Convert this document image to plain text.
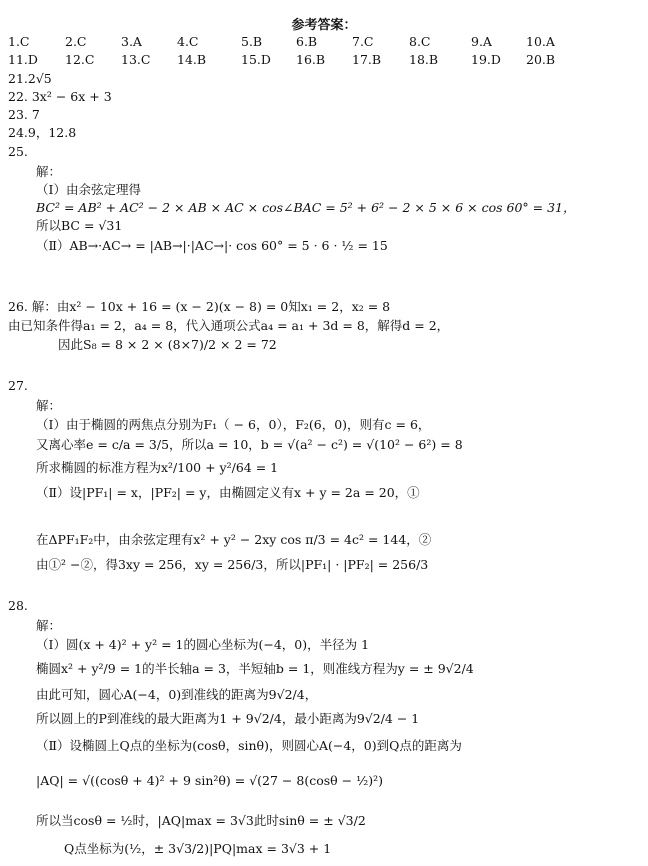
参考答案：
1.C	2.C	3.A	4.C	5.B	6.B	7.C	8.C	9.A	10.A
11.D 12.C 13.C 14.B	15.D 16.B 17.B 18.B	19.D 20.B
21.2√5
22. 3x² − 6x + 3
23. 7
24.9，12.8
25.
解：
（Ⅰ）由余弦定理得
BC² = AB² + AC² − 2 × AB × AC × cos∠BAC = 5² + 6² − 2 × 5 × 6 × cos 60° = 31，
所以BC = √31
（Ⅱ）AB→·AC→ = |AB→|·|AC→|· cos 60° = 5 · 6 · ½ = 15
26. 解：由x² − 10x + 16 = (x − 2)(x − 8) = 0知x₁ = 2，x₂ = 8
由已知条件得a₁ = 2，a₄ = 8，代入通项公式a₄ = a₁ + 3d = 8，解得d = 2，
因此S₈ = 8 × 2 × (8×7)/2 × 2 = 72
27.
解：
（Ⅰ）由于椭圆的两焦点分别为F₁（ − 6，0），F₂(6，0)，则有c = 6，
又离心率e = c/a = 3/5，所以a = 10，b = √(a² − c²) = √(10² − 6²) = 8
所求椭圆的标准方程为x²/100 + y²/64 = 1
（Ⅱ）设|PF₁| = x，|PF₂| = y，由椭圆定义有x + y = 2a = 20，①
在ΔPF₁F₂中，由余弦定理有x² + y² − 2xy cos π/3 = 4c² = 144，②
由①² −②，得3xy = 256，xy = 256/3，所以|PF₁| · |PF₂| = 256/3
28.
解：
（Ⅰ）圆(x + 4)² + y² = 1的圆心坐标为(−4，0)，半径为 1
椭圆x² + y²/9 = 1的半长轴a = 3，半短轴b = 1，则准线方程为y = ± 9√2/4
由此可知，圆心A(−4，0)到准线的距离为9√2/4，
所以圆上的P到准线的最大距离为1 + 9√2/4，最小距离为9√2/4 − 1
（Ⅱ）设椭圆上Q点的坐标为(cosθ，sinθ)，则圆心A(−4，0)到Q点的距离为
|AQ| = √((cosθ + 4)² + 9 sin²θ) = √(27 − 8(cosθ − ½)²)
所以当cosθ = ½时，|AQ|max = 3√3此时sinθ = ± √3/2
Q点坐标为(½，± 3√3/2)|PQ|max = 3√3 + 1
